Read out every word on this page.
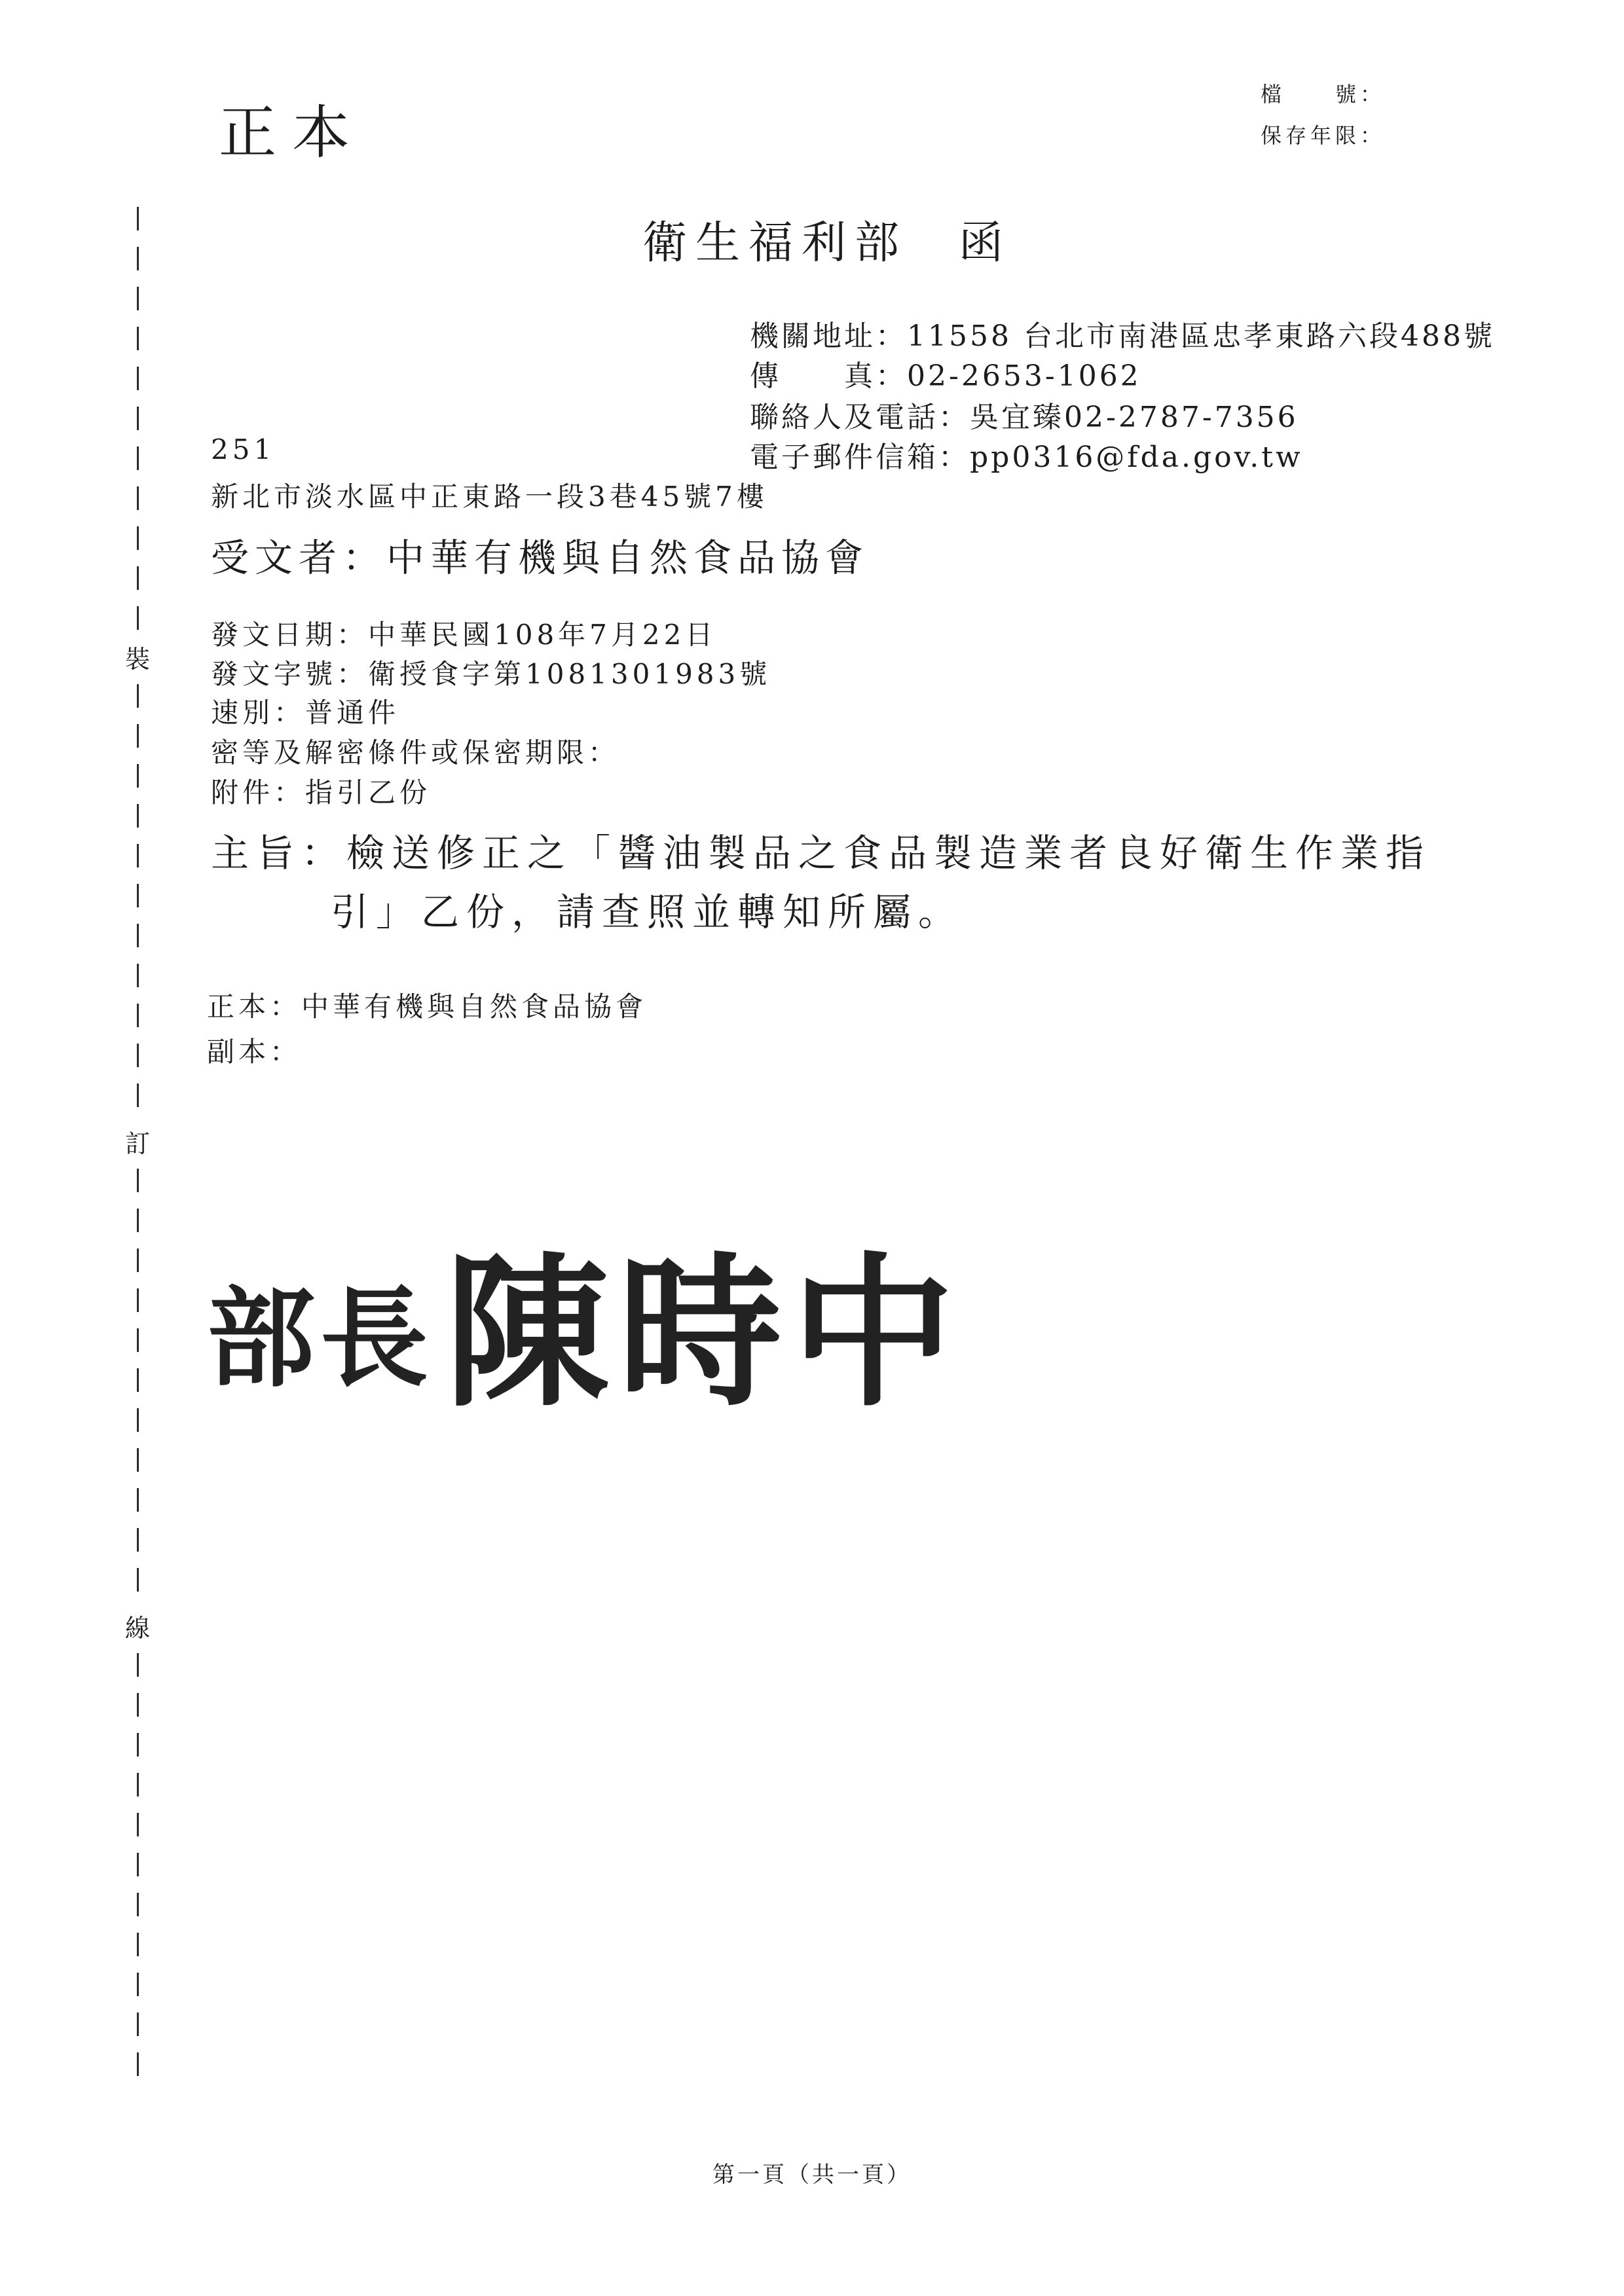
正本
檔　　號：
保存年限：
裝
訂
線
衛生福利部 函
機關地址：11558 台北市南港區忠孝東路六段488號
傳　　真：02-2653-1062
聯絡人及電話：吳宜臻02-2787-7356
電子郵件信箱：pp0316@fda.gov.tw
251
新北市淡水區中正東路一段3巷45號7樓
受文者：中華有機與自然食品協會
發文日期：中華民國108年7月22日
發文字號：衛授食字第1081301983號
速別：普通件
密等及解密條件或保密期限：
附件：指引乙份
主旨：檢送修正之「醬油製品之食品製造業者良好衛生作業指
引」乙份，請查照並轉知所屬。
正本：中華有機與自然食品協會
副本：
部長 陳時中
第一頁（共一頁）
